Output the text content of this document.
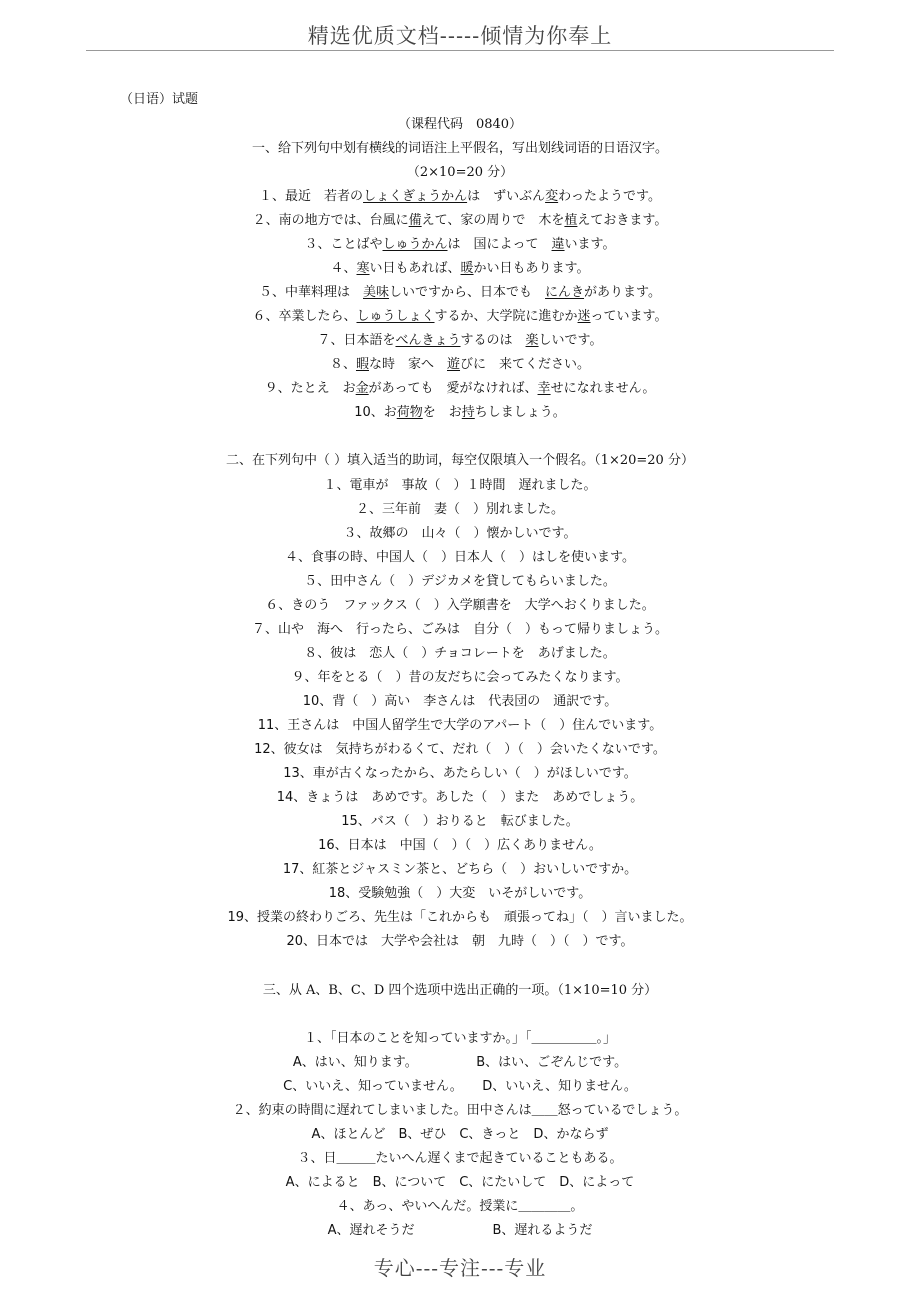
精选优质文档-----倾情为你奉上
（日语）试题
（课程代码　0840）
一、给下列句中划有横线的词语注上平假名，写出划线词语的日语汉字。
（2×10=20 分）
１、最近　若者のしょくぎょうかんは　ずいぶん変わったようです。
２、南の地方では、台風に備えて、家の周りで　木を植えておきます。
３、ことばやしゅうかんは　国によって　違います。
４、寒い日もあれば、暖かい日もあります。
５、中華料理は　美味しいですから、日本でも　にんきがあります。
６、卒業したら、しゅうしょくするか、大学院に進むか迷っています。
７、日本語をべんきょうするのは　楽しいです。
８、暇な時　家へ　遊びに　来てください。
９、たとえ　お金があっても　愛がなければ、幸せになれません。
10、お荷物を　お持ちしましょう。
二、在下列句中（ ）填入适当的助词，每空仅限填入一个假名。（1×20=20 分）
１、電車が　事故（　）１時間　遅れました。
２、三年前　妻（　）別れました。
３、故郷の　山々（　）懐かしいです。
４、食事の時、中国人（　）日本人（　）はしを使います。
５、田中さん（　）デジカメを貸してもらいました。
６、きのう　ファックス（　）入学願書を　大学へおくりました。
７、山や　海へ　行ったら、ごみは　自分（　）もって帰りましょう。
８、彼は　恋人（　）チョコレートを　あげました。
９、年をとる（　）昔の友だちに会ってみたくなります。
10、背（　）高い　李さんは　代表団の　通訳です。
11、王さんは　中国人留学生で大学のアパート（　）住んでいます。
12、彼女は　気持ちがわるくて、だれ（　）（　）会いたくないです。
13、車が古くなったから、あたらしい（　）がほしいです。
14、きょうは　あめです。あした（　）また　あめでしょう。
15、バス（　）おりると　転びました。
16、日本は　中国（　）（　）広くありません。
17、紅茶とジャスミン茶と、どちら（　）おいしいですか。
18、受験勉強（　）大変　いそがしいです。
19、授業の終わりごろ、先生は「これからも　頑張ってね」（　）言いました。
20、日本では　大学や会社は　朝　九時（　）（　）です。
三、从 A、B、C、D 四个选项中选出正确的一项。（1×10=10 分）
１、「日本のことを知っていますか。」「＿＿＿＿＿。」
A、はい、知ります。　　　　　B、はい、ごぞんじです。
C、いいえ、知っていません。　　D、いいえ、知りません。
２、約束の時間に遅れてしまいました。田中さんは＿＿怒っているでしょう。
A、ほとんど　B、ぜひ　C、きっと　D、かならず
３、日＿＿＿たいへん遅くまで起きていることもある。
A、によると　B、について　C、にたいして　D、によって
４、あっ、やいへんだ。授業に＿＿＿＿。
A、遅れそうだ　　　　　　B、遅れるようだ
专心---专注---专业
